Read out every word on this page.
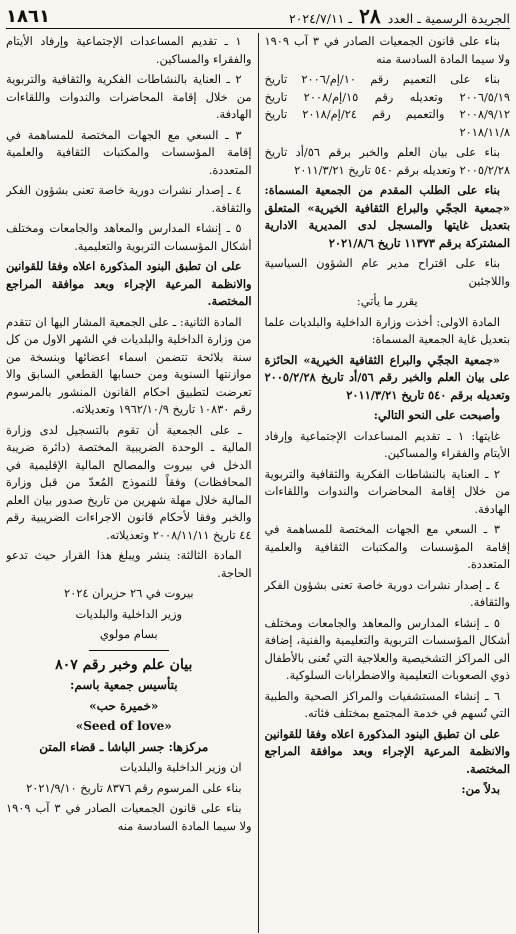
الجريدة الرسمية ـ العدد ٢٨ ـ ٢٠٢٤/٧/١١
١٨٦١

بناء على قانون الجمعيات الصادر في ٣ آب ١٩٠٩ ولا سيما المادة السادسة منه

بناء على التعميم رقم ١٠/إم/٢٠٠٦ تاريخ ٢٠٠٦/٥/١٩ وتعديله رقم ١٥/إم/٢٠٠٨ تاريخ ٢٠٠٨/٩/١٢ والتعميم رقم ٢٤/إم/٢٠١٨ تاريخ ٢٠١٨/١١/٨

بناء على بيان العلم والخبر برقم ٥٦/أد تاريخ ٢٠٠٥/٢/٢٨ وتعديله برقم ٥٤٠ تاريخ ٢٠١١/٣/٢١

بناء على الطلب المقدم من الجمعية المسماة: «جمعية الججّي والبراع الثقافية الخيرية» المتعلق بتعديل غايتها والمسجل لدى المديرية الادارية المشتركة برقم ١١٣٧٣ تاريخ ٢٠٢١/٨/٦

بناء على اقتراح مدير عام الشؤون السياسية واللاجئين

يقرر ما يأتي:

المادة الاولى: أخذت وزارة الداخلية والبلديات علما بتعديل غاية الجمعية المسماة:

«جمعية الججّي والبراع الثقافية الخيرية» الحائزة على بيان العلم والخبر رقم ٥٦/أد تاريخ ٢٠٠٥/٢/٢٨ وتعديله برقم ٥٤٠ تاريخ ٢٠١١/٣/٢١

وأصبحت على النحو التالي:

غايتها: ١ ـ تقديم المساعدات الإجتماعية وإرفاد الأيتام والفقراء والمساكين.

٢ ـ العناية بالنشاطات الفكرية والثقافية والتربوية من خلال إقامة المحاضرات والندوات واللقاءات الهادفة.

٣ ـ السعي مع الجهات المختصة للمساهمة في إقامة المؤسسات والمكتبات الثقافية والعلمية المتعددة.

٤ ـ إصدار نشرات دورية خاصة تعنى بشؤون الفكر والثقافة.

٥ ـ إنشاء المدارس والمعاهد والجامعات ومختلف أشكال المؤسسات التربوية والتعليمية والفنية، إضافة الى المراكز التشخيصية والعلاجية التي تُعنى بالأطفال ذوي الصعوبات التعليمية والاضطرابات السلوكية.

٦ ـ إنشاء المستشفيات والمراكز الصحية والطبية التي تُسهم في خدمة المجتمع بمختلف فئاته.

على ان تطبق البنود المذكورة اعلاه وفقا للقوانين والانظمة المرعية الإجراء وبعد موافقة المراجع المختصة.

بدلاً من:

١ ـ تقديم المساعدات الإجتماعية وإرفاد الأيتام والفقراء والمساكين.

٢ ـ العناية بالنشاطات الفكرية والثقافية والتربوية من خلال إقامة المحاضرات والندوات واللقاءات الهادفة.

٣ ـ السعي مع الجهات المختصة للمساهمة في إقامة المؤسسات والمكتبات الثقافية والعلمية المتعددة.

٤ ـ إصدار نشرات دورية خاصة تعنى بشؤون الفكر والثقافة.

٥ ـ إنشاء المدارس والمعاهد والجامعات ومختلف أشكال المؤسسات التربوية والتعليمية.

على ان تطبق البنود المذكورة اعلاه وفقا للقوانين والانظمة المرعية الإجراء وبعد موافقة المراجع المختصة.

المادة الثانية: ـ على الجمعية المشار اليها ان تتقدم من وزارة الداخلية والبلديات في الشهر الاول من كل سنة بلائحة تتضمن اسماء اعضائها وبنسخة من موازنتها السنوية ومن حسابها القطعي السابق والا تعرضت لتطبيق احكام القانون المنشور بالمرسوم رقم ١٠٨٣٠ تاريخ ١٩٦٢/١٠/٩ وتعديلاته.

ـ على الجمعية أن تقوم بالتسجيل لدى وزارة المالية ـ الوحدة الضريبية المختصة (دائرة ضريبة الدخل في بيروت والمصالح المالية الإقليمية في المحافظات) وفقاً للنموذج المُعدّ من قبل وزارة المالية خلال مهلة شهرين من تاريخ صدور بيان العلم والخبر وفقا لأحكام قانون الاجراءات الضريبية رقم ٤٤ تاريخ ٢٠٠٨/١١/١١ وتعديلاته.

المادة الثالثة: ينشر ويبلغ هذا القرار حيث تدعو الحاجة.

بيروت في ٢٦ حزيران ٢٠٢٤

وزير الداخلية والبلديات

بسام مولوي

بيان علم وخبر رقم ٨٠٧

بتأسيس جمعية باسم:

«خميرة حب»

«Seed of love»

مركزها: جسر الباشا ـ قضاء المتن

ان وزير الداخلية والبلديات

بناء على المرسوم رقم ٨٣٧٦ تاريخ ٢٠٢١/٩/١٠

بناء على قانون الجمعيات الصادر في ٣ آب ١٩٠٩ ولا سيما المادة السادسة منه
